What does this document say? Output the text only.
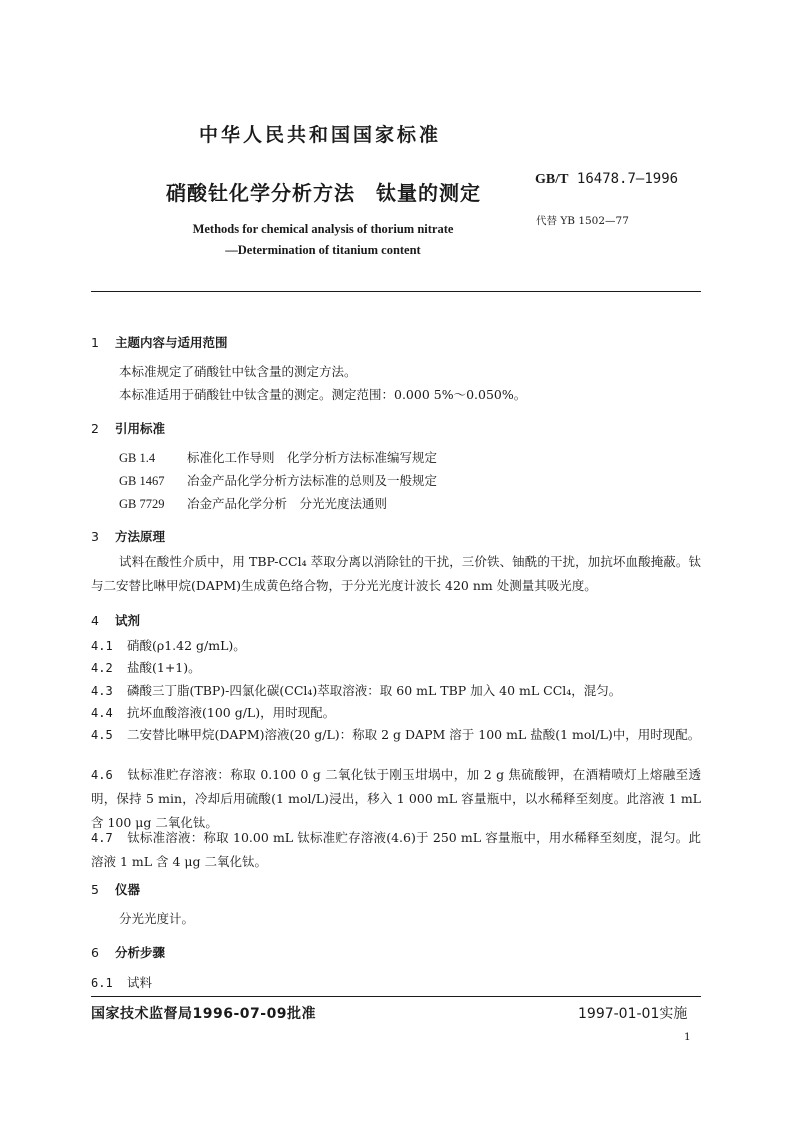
中华人民共和国国家标准
硝酸钍化学分析方法　钛量的测定
GB/T 16478.7—1996
代替 YB 1502—77
Methods for chemical analysis of thorium nitrate
—Determination of titanium content
1 主题内容与适用范围
本标准规定了硝酸钍中钛含量的测定方法。
本标准适用于硝酸钍中钛含量的测定。测定范围：0.000 5%～0.050%。
2 引用标准
GB 1.4	标准化工作导则　化学分析方法标准编写规定
GB 1467 冶金产品化学分析方法标准的总则及一般规定
GB 7729 冶金产品化学分析　分光光度法通则
3 方法原理
试料在酸性介质中，用 TBP-CCl₄ 萃取分离以消除钍的干扰，三价铁、铀酰的干扰，加抗坏血酸掩蔽。钛与二安替比啉甲烷(DAPM)生成黄色络合物，于分光光度计波长 420 nm 处测量其吸光度。
4 试剂
4.1 硝酸(ρ1.42 g/mL)。
4.2 盐酸(1+1)。
4.3 磷酸三丁脂(TBP)-四氯化碳(CCl₄)萃取溶液：取 60 mL TBP 加入 40 mL CCl₄，混匀。
4.4 抗坏血酸溶液(100 g/L)，用时现配。
4.5 二安替比啉甲烷(DAPM)溶液(20 g/L)：称取 2 g DAPM 溶于 100 mL 盐酸(1 mol/L)中，用时现配。
4.6 钛标准贮存溶液：称取 0.100 0 g 二氧化钛于刚玉坩埚中，加 2 g 焦硫酸钾，在酒精喷灯上熔融至透明，保持 5 min，冷却后用硫酸(1 mol/L)浸出，移入 1 000 mL 容量瓶中，以水稀释至刻度。此溶液 1 mL含 100 μg 二氧化钛。
4.7 钛标准溶液：称取 10.00 mL 钛标准贮存溶液(4.6)于 250 mL 容量瓶中，用水稀释至刻度，混匀。此溶液 1 mL 含 4 μg 二氧化钛。
5 仪器
分光光度计。
6 分析步骤
6.1 试料
国家技术监督局1996-07-09批准	1997-01-01实施
1
